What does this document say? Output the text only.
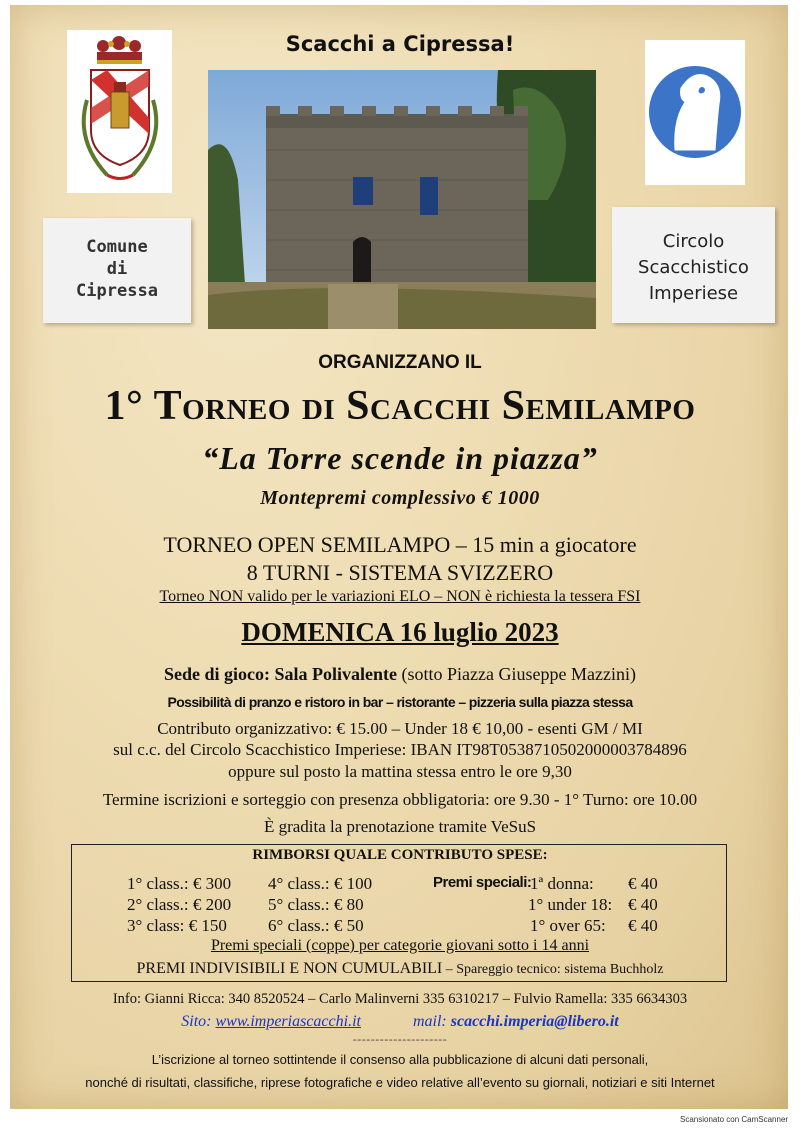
Scacchi a Cipressa!
Comune
di
Cipressa
Circolo
Scacchistico
Imperiese
ORGANIZZANO IL
1° Torneo di Scacchi Semilampo
“La Torre scende in piazza”
Montepremi complessivo € 1000
TORNEO OPEN SEMILAMPO – 15 min a giocatore
8 TURNI - SISTEMA SVIZZERO
Torneo NON valido per le variazioni ELO – NON è richiesta la tessera FSI
DOMENICA 16 luglio 2023
Sede di gioco: Sala Polivalente (sotto Piazza Giuseppe Mazzini)
Possibilità di pranzo e ristoro in bar – ristorante – pizzeria sulla piazza stessa
Contributo organizzativo: € 15.00 – Under 18 € 10,00 - esenti GM / MI
sul c.c. del Circolo Scacchistico Imperiese: IBAN IT98T0538710502000003784896
oppure sul posto la mattina stessa entro le ore 9,30
Termine iscrizioni e sorteggio con presenza obbligatoria: ore 9.30 - 1° Turno: ore 10.00
È gradita la prenotazione tramite VeSuS
RIMBORSI QUALE CONTRIBUTO SPESE:
1° class.: € 300
2° class.: € 200
3° class: € 150
4° class.: € 100
5° class.: € 80
6° class.: € 50
Premi speciali:
1ª donna:
1° under 18:
1° over 65:
€ 40
€ 40
€ 40
Premi speciali (coppe) per categorie giovani sotto i 14 anni
PREMI INDIVISIBILI E NON CUMULABILI – Spareggio tecnico: sistema Buchholz
Info: Gianni Ricca: 340 8520524 – Carlo Malinverni 335 6310217 – Fulvio Ramella: 335 6634303
Sito: www.imperiascacchi.it	mail: scacchi.imperia@libero.it
---------------------
L’iscrizione al torneo sottintende il consenso alla pubblicazione di alcuni dati personali,
nonché di risultati, classifiche, riprese fotografiche e video relative all’evento su giornali, notiziari e siti Internet
Scansionato con CamScanner
